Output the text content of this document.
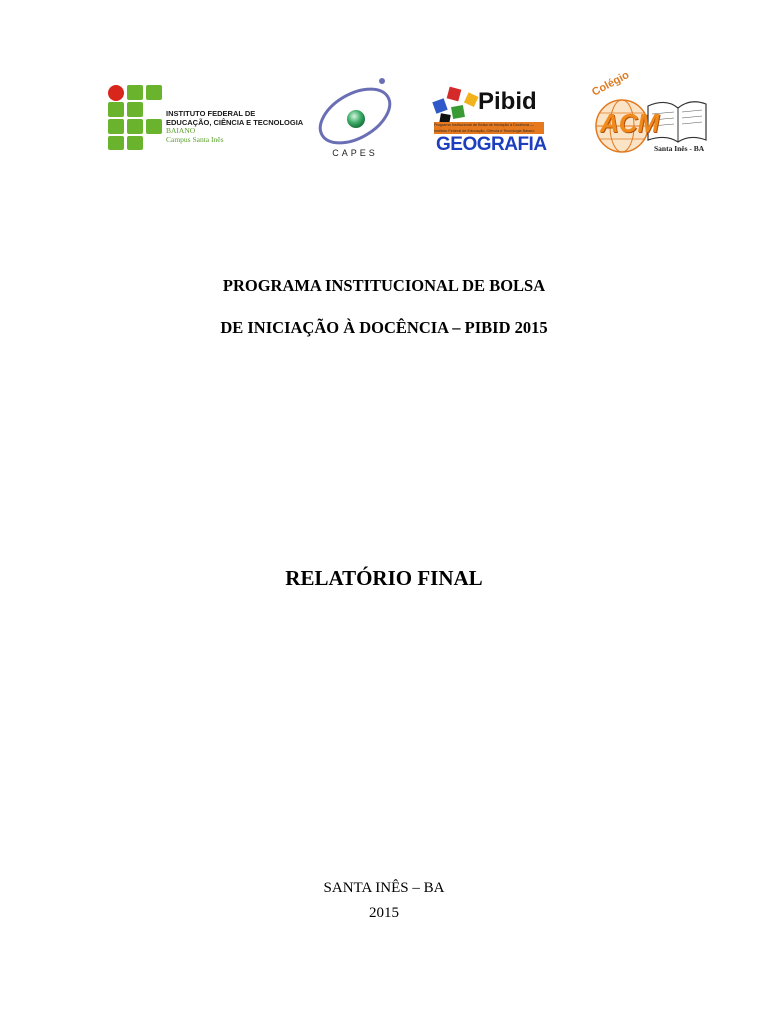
INSTITUTO FEDERAL DE
EDUCAÇÃO, CIÊNCIA E TECNOLOGIA
BAIANO
Campus Santa Inês
CAPES
Pibid
Programa Institucional de Bolsa de Iniciação à Docência — Instituto Federal de Educação, Ciência e Tecnologia Baiano
GEOGRAFIA
Colégio
ACM
Santa Inês - BA
PROGRAMA INSTITUCIONAL DE BOLSA
DE INICIAÇÃO À DOCÊNCIA – PIBID 2015
RELATÓRIO FINAL
SANTA INÊS – BA
2015
